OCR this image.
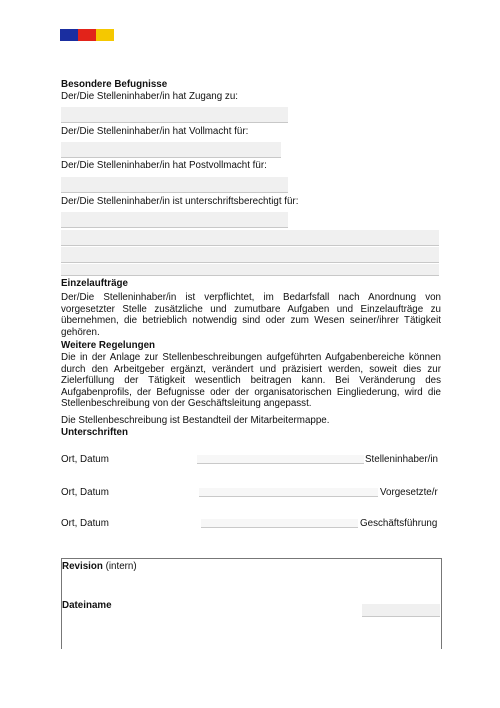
Besondere Befugnisse
Der/Die Stelleninhaber/in hat Zugang zu:
Der/Die Stelleninhaber/in hat Vollmacht für:
Der/Die Stelleninhaber/in hat Postvollmacht für:
Der/Die Stelleninhaber/in ist unterschriftsberechtigt für:
Einzelaufträge
Der/Die Stelleninhaber/in ist verpflichtet, im Bedarfsfall nach Anordnung von vorgesetzter Stelle zusätzliche und zumutbare Aufgaben und Einzelaufträge zu übernehmen, die betrieblich notwendig sind oder zum Wesen seiner/ihrer Tätigkeit gehören.
Weitere Regelungen
Die in der Anlage zur Stellenbeschreibungen aufgeführten Aufgabenbereiche können durch den Arbeitgeber ergänzt, verändert und präzisiert werden, soweit dies zur Zielerfüllung der Tätigkeit wesentlich beitragen kann. Bei Veränderung des Aufgabenprofils, der Befugnisse oder der organisatorischen Eingliederung, wird die Stellenbeschreibung von der Geschäftsleitung angepasst.
Die Stellenbeschreibung ist Bestandteil der Mitarbeitermappe.
Unterschriften
Ort, Datum	Stelleninhaber/in
Ort, Datum	Vorgesetzte/r
Ort, Datum	Geschäftsführung
Revision (intern)
Dateiname
